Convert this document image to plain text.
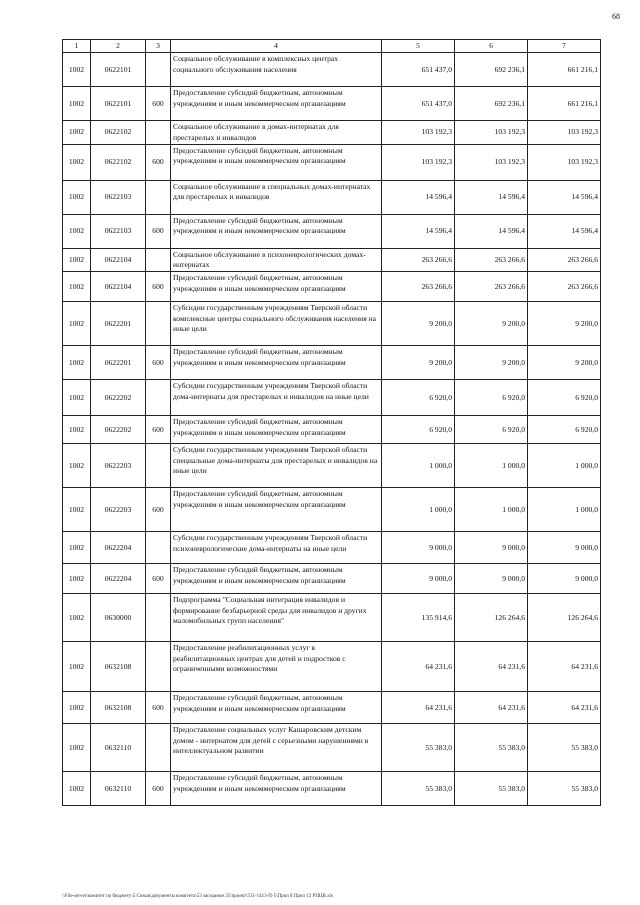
68
1	2	3	4	5	6	7
1002	0622101		Социальное обслуживание в комплексных центрах социального обслуживания населения	651 437,0	692 236,1	661 216,1
1002	0622101	600	Предоставление субсидий бюджетным, автономным учреждениям и иным некоммерческим организациям	651 437,0	692 236,1	661 216,1
1002	0622102		Социальное обслуживание в домах-интернатах для престарелых и инвалидов	103 192,3	103 192,3	103 192,3
1002	0622102	600	Предоставление субсидий бюджетным, автономным учреждениям и иным некоммерческим организациям	103 192,3	103 192,3	103 192,3
1002	0622103		Социальное обслуживание в специальных домах-интернатах для престарелых и инвалидов	14 596,4	14 596,4	14 596,4
1002	0622103	600	Предоставление субсидий бюджетным, автономным учреждениям и иным некоммерческим организациям	14 596,4	14 596,4	14 596,4
1002	0622104		Социальное обслуживание в психоневрологических домах-интернатах	263 266,6	263 266,6	263 266,6
1002	0622104	600	Предоставление субсидий бюджетным, автономным учреждениям и иным некоммерческим организациям	263 266,6	263 266,6	263 266,6
1002	0622201		Субсидии государственным учреждениям Тверской области комплексные центры социального обслуживания населения на иные цели	9 200,0	9 200,0	9 200,0
1002	0622201	600	Предоставление субсидий бюджетным, автономным учреждениям и иным некоммерческим организациям	9 200,0	9 200,0	9 200,0
1002	0622202		Субсидии государственным учреждениям Тверской области дома-интернаты для престарелых и инвалидов на иные цели	6 920,0	6 920,0	6 920,0
1002	0622202	600	Предоставление субсидий бюджетным, автономным учреждениям и иным некоммерческим организациям	6 920,0	6 920,0	6 920,0
1002	0622203		Субсидии государственным учреждениям Тверской области специальные дома-интернаты для престарелых и инвалидов на иные цели	1 000,0	1 000,0	1 000,0
1002	0622203	600	Предоставление субсидий бюджетным, автономным учреждениям и иным некоммерческим организациям	1 000,0	1 000,0	1 000,0
1002	0622204		Субсидии государственным учреждениям Тверской области психоневрологические дома-интернаты на иные цели	9 000,0	9 000,0	9 000,0
1002	0622204	600	Предоставление субсидий бюджетным, автономным учреждениям и иным некоммерческим организациям	9 000,0	9 000,0	9 000,0
1002	0630000		Подпрограмма "Социальная интеграция инвалидов и формирование безбарьерной среды для инвалидов и других маломобильных групп населения"	135 914,6	126 264,6	126 264,6
1002	0632108		Предоставление реабилитационных услуг в реабилитационных центрах для детей и подростков с ограниченными возможностями	64 231,6	64 231,6	64 231,6
1002	0632108	600	Предоставление субсидий бюджетным, автономным учреждениям и иным некоммерческим организациям	64 231,6	64 231,6	64 231,6
1002	0632110		Предоставление социальных услуг Кашаровским детским домом - интернатом для детей с серьезными нарушениями в интеллектуальном развитии	55 383,0	55 383,0	55 383,0
1002	0632110	600	Предоставление субсидий бюджетным, автономным учреждениям и иным некоммерческим организациям	55 383,0	55 383,0	55 383,0
\\File-server\комитет по бюджету\5 Созыв\документы комитета\53 заседание 25\проект\531-1413-П-5\Прил 8 Прил 12 РПЦВ.xls
